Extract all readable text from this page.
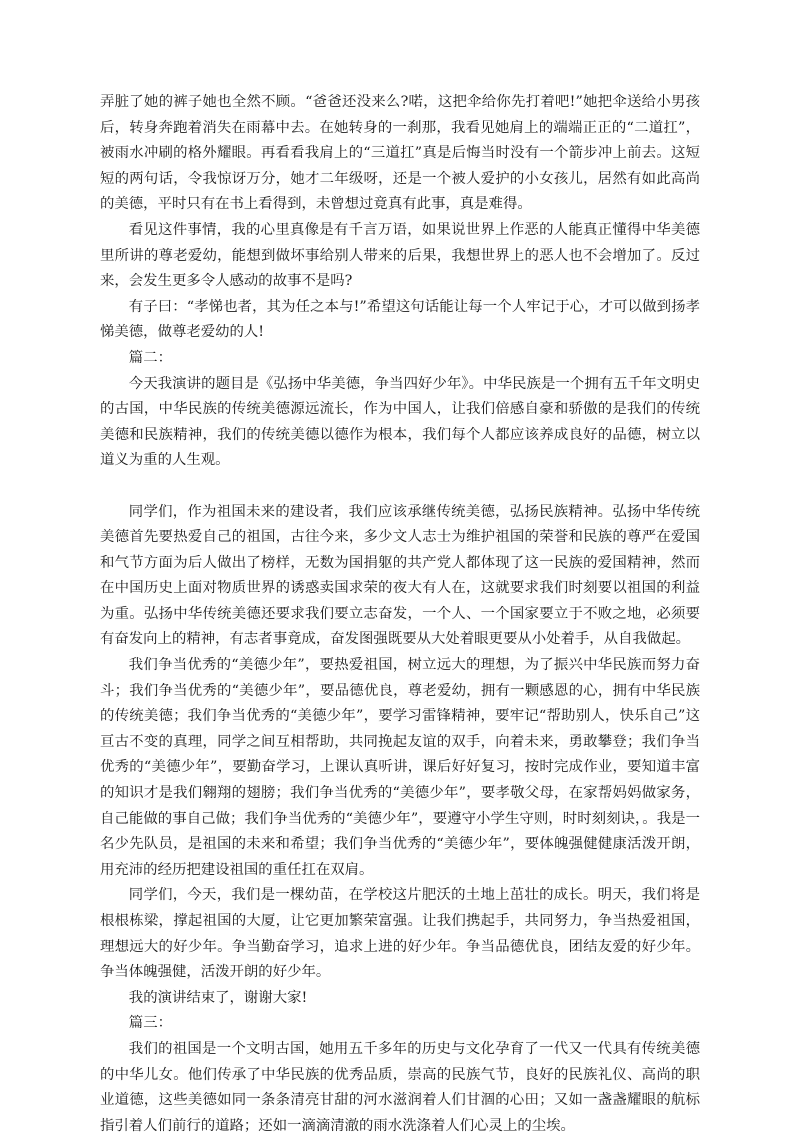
弄脏了她的裤子她也全然不顾。“爸爸还没来么?喏，这把伞给你先打着吧!”她把伞送给小男孩后，转身奔跑着消失在雨幕中去。在她转身的一刹那，我看见她肩上的端端正正的“二道扛”，被雨水冲刷的格外耀眼。再看看我肩上的“三道扛”真是后悔当时没有一个箭步冲上前去。这短短的两句话，令我惊讶万分，她才二年级呀，还是一个被人爱护的小女孩儿，居然有如此高尚的美德，平时只有在书上看得到，未曾想过竟真有此事，真是难得。

看见这件事情，我的心里真像是有千言万语，如果说世界上作恶的人能真正懂得中华美德里所讲的尊老爱幼，能想到做坏事给别人带来的后果，我想世界上的恶人也不会增加了。反过来，会发生更多令人感动的故事不是吗?

有子曰：“孝悌也者，其为任之本与!”希望这句话能让每一个人牢记于心，才可以做到扬孝悌美德，做尊老爱幼的人!

篇二：

今天我演讲的题目是《弘扬中华美德，争当四好少年》。中华民族是一个拥有五千年文明史的古国，中华民族的传统美德源远流长，作为中国人，让我们倍感自豪和骄傲的是我们的传统美德和民族精神，我们的传统美德以德作为根本，我们每个人都应该养成良好的品德，树立以道义为重的人生观。

同学们，作为祖国未来的建设者，我们应该承继传统美德，弘扬民族精神。弘扬中华传统美德首先要热爱自己的祖国，古往今来，多少文人志士为维护祖国的荣誉和民族的尊严在爱国和气节方面为后人做出了榜样，无数为国捐躯的共产党人都体现了这一民族的爱国精神，然而在中国历史上面对物质世界的诱惑卖国求荣的夜大有人在，这就要求我们时刻要以祖国的利益为重。弘扬中华传统美德还要求我们要立志奋发，一个人、一个国家要立于不败之地，必须要有奋发向上的精神，有志者事竟成，奋发图强既要从大处着眼更要从小处着手，从自我做起。

我们争当优秀的“美德少年”，要热爱祖国，树立远大的理想，为了振兴中华民族而努力奋斗；我们争当优秀的“美德少年”，要品德优良，尊老爱幼，拥有一颗感恩的心，拥有中华民族的传统美德；我们争当优秀的“美德少年”，要学习雷锋精神，要牢记“帮助别人，快乐自己”这亘古不变的真理，同学之间互相帮助，共同挽起友谊的双手，向着未来，勇敢攀登；我们争当优秀的“美德少年”，要勤奋学习，上课认真听讲，课后好好复习，按时完成作业，要知道丰富的知识才是我们翱翔的翅膀；我们争当优秀的“美德少年”，要孝敬父母，在家帮妈妈做家务，自己能做的事自己做；我们争当优秀的“美德少年”，要遵守小学生守则，时时刻刻诀，。我是一名少先队员，是祖国的未来和希望；我们争当优秀的“美德少年”，要体魄强健健康活泼开朗，用充沛的经历把建设祖国的重任扛在双肩。

同学们，今天，我们是一棵幼苗，在学校这片肥沃的土地上茁壮的成长。明天，我们将是根根栋梁，撑起祖国的大厦，让它更加繁荣富强。让我们携起手，共同努力，争当热爱祖国，理想远大的好少年。争当勤奋学习，追求上进的好少年。争当品德优良，团结友爱的好少年。争当体魄强健，活泼开朗的好少年。

我的演讲结束了，谢谢大家!

篇三：

我们的祖国是一个文明古国，她用五千多年的历史与文化孕育了一代又一代具有传统美德的中华儿女。他们传承了中华民族的优秀品质，崇高的民族气节，良好的民族礼仪、高尚的职业道德，这些美德如同一条条清亮甘甜的河水滋润着人们甘涸的心田；又如一盏盏耀眼的航标指引着人们前行的道路；还如一滴滴清澈的雨水洗涤着人们心灵上的尘埃。
